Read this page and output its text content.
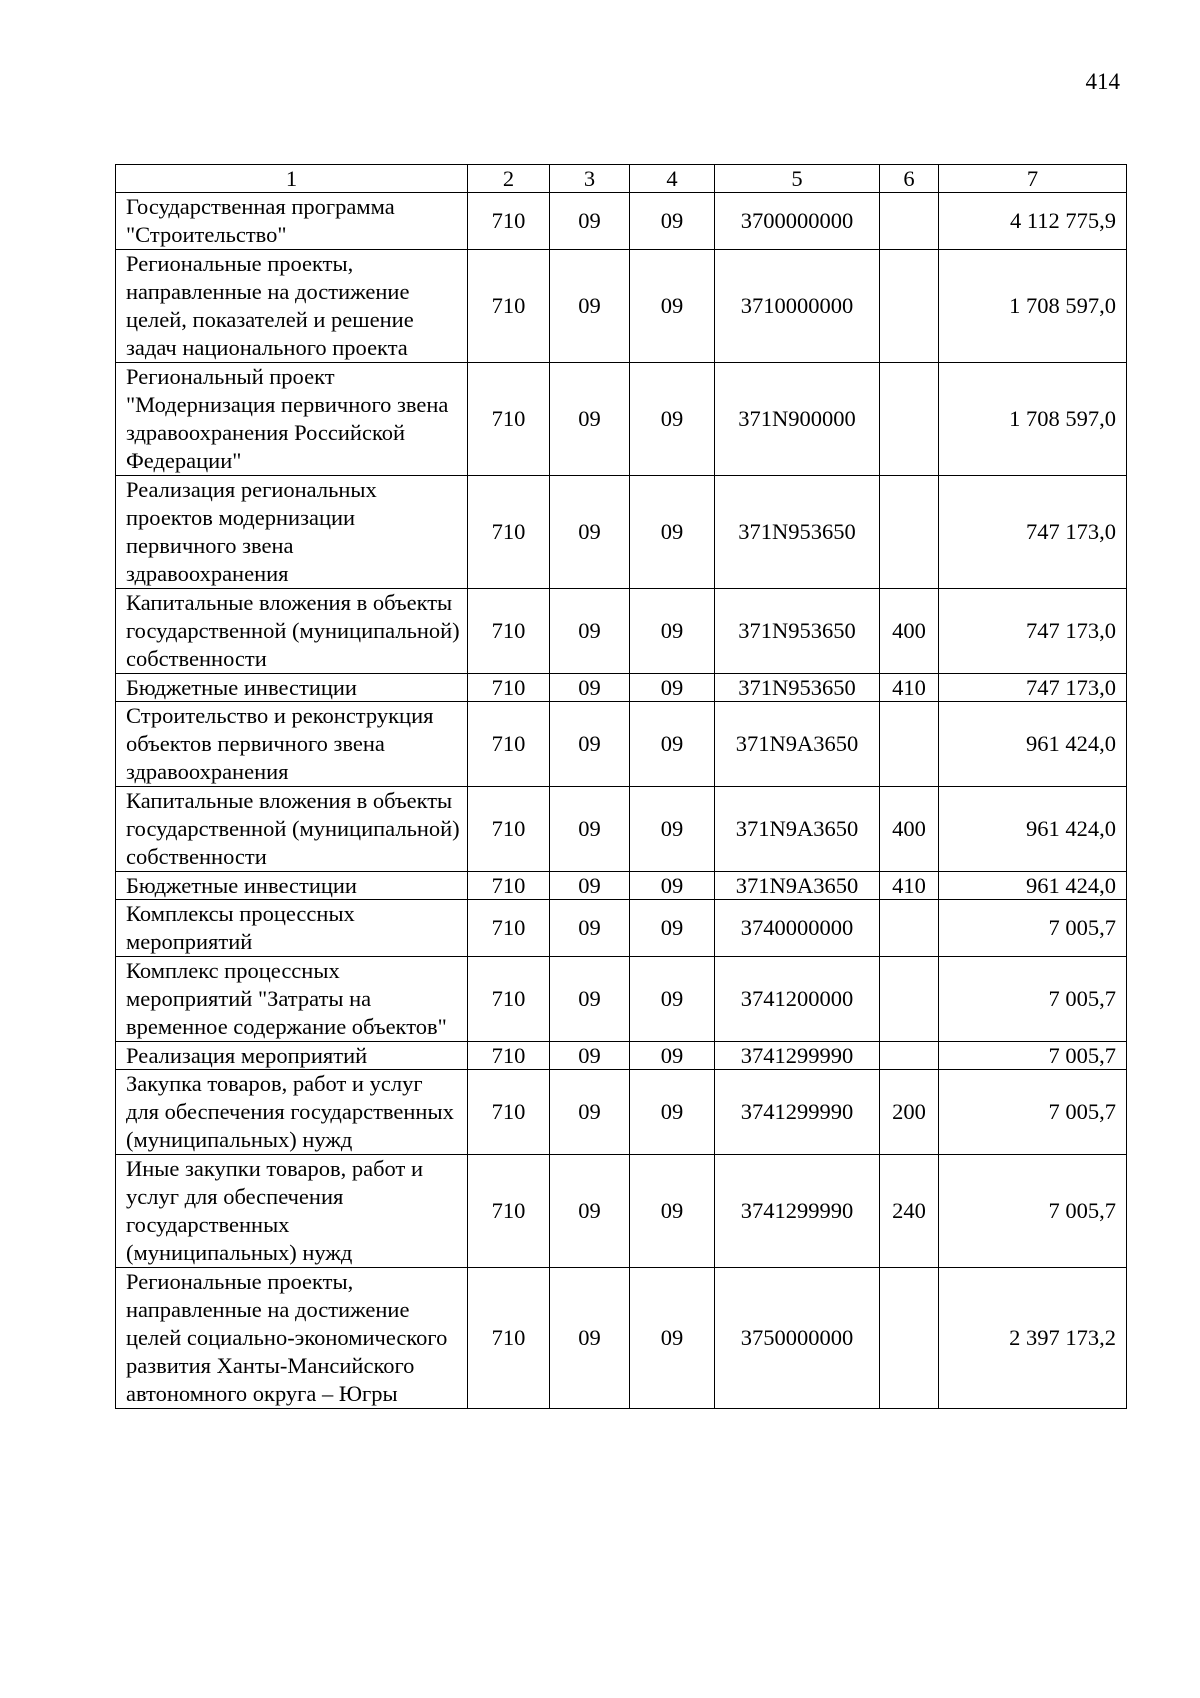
414
1	2	3	4	5	6	7
Государственная программа "Строительство"	710	09	09	3700000000		4 112 775,9
Региональные проекты, направленные на достижение целей, показателей и решение задач национального проекта	710	09	09	3710000000		1 708 597,0
Региональный проект "Модернизация первичного звена здравоохранения Российской Федерации"	710	09	09	371N900000		1 708 597,0
Реализация региональных проектов модернизации первичного звена здравоохранения	710	09	09	371N953650		747 173,0
Капитальные вложения в объекты государственной (муниципальной) собственности	710	09	09	371N953650	400	747 173,0
Бюджетные инвестиции	710	09	09	371N953650	410	747 173,0
Строительство и реконструкция объектов первичного звена здравоохранения	710	09	09	371N9A3650		961 424,0
Капитальные вложения в объекты государственной (муниципальной) собственности	710	09	09	371N9A3650	400	961 424,0
Бюджетные инвестиции	710	09	09	371N9A3650	410	961 424,0
Комплексы процессных мероприятий	710	09	09	3740000000		7 005,7
Комплекс процессных мероприятий "Затраты на временное содержание объектов"	710	09	09	3741200000		7 005,7
Реализация мероприятий	710	09	09	3741299990		7 005,7
Закупка товаров, работ и услуг для обеспечения государственных (муниципальных) нужд	710	09	09	3741299990	200	7 005,7
Иные закупки товаров, работ и услуг для обеспечения государственных (муниципальных) нужд	710	09	09	3741299990	240	7 005,7
Региональные проекты, направленные на достижение целей социально-экономического развития Ханты-Мансийского автономного округа – Югры	710	09	09	3750000000		2 397 173,2
